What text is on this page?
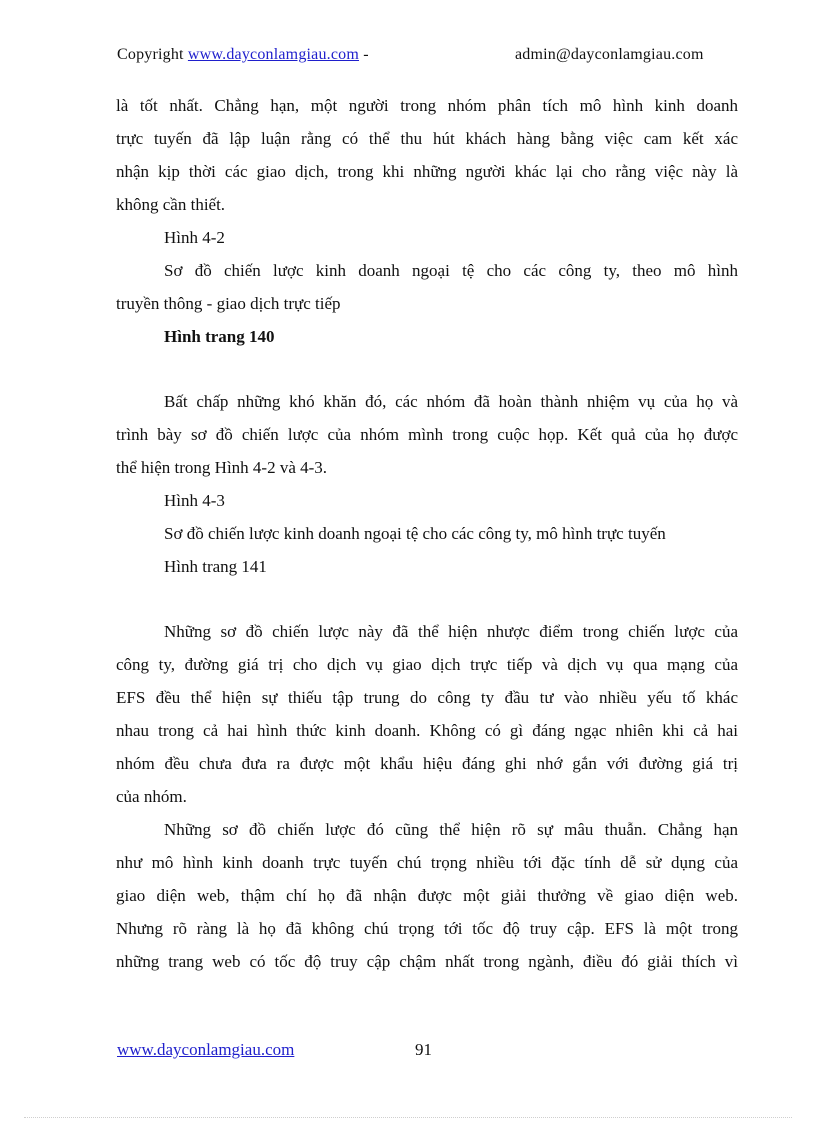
Copyright www.dayconlamgiau.com -	admin@dayconlamgiau.com
là tốt nhất. Chẳng hạn, một người trong nhóm phân tích mô hình kinh doanh
trực tuyến đã lập luận rằng có thể thu hút khách hàng bằng việc cam kết xác
nhận kịp thời các giao dịch, trong khi những người khác lại cho rằng việc này là
không cần thiết.
Hình 4-2
Sơ đồ chiến lược kinh doanh ngoại tệ cho các công ty, theo mô hình
truyền thông - giao dịch trực tiếp
Hình trang 140
Bất chấp những khó khăn đó, các nhóm đã hoàn thành nhiệm vụ của họ và
trình bày sơ đồ chiến lược của nhóm mình trong cuộc họp. Kết quả của họ được
thể hiện trong Hình 4-2 và 4-3.
Hình 4-3
Sơ đồ chiến lược kinh doanh ngoại tệ cho các công ty, mô hình trực tuyến
Hình trang 141
Những sơ đồ chiến lược này đã thể hiện nhược điểm trong chiến lược của
công ty, đường giá trị cho dịch vụ giao dịch trực tiếp và dịch vụ qua mạng của
EFS đều thể hiện sự thiếu tập trung do công ty đầu tư vào nhiều yếu tố khác
nhau trong cả hai hình thức kinh doanh. Không có gì đáng ngạc nhiên khi cả hai
nhóm đều chưa đưa ra được một khẩu hiệu đáng ghi nhớ gắn với đường giá trị
của nhóm.
Những sơ đồ chiến lược đó cũng thể hiện rõ sự mâu thuẫn. Chẳng hạn
như mô hình kinh doanh trực tuyến chú trọng nhiều tới đặc tính dễ sử dụng của
giao diện web, thậm chí họ đã nhận được một giải thưởng về giao diện web.
Nhưng rõ ràng là họ đã không chú trọng tới tốc độ truy cập. EFS là một trong
những trang web có tốc độ truy cập chậm nhất trong ngành, điều đó giải thích vì
www.dayconlamgiau.com	91
